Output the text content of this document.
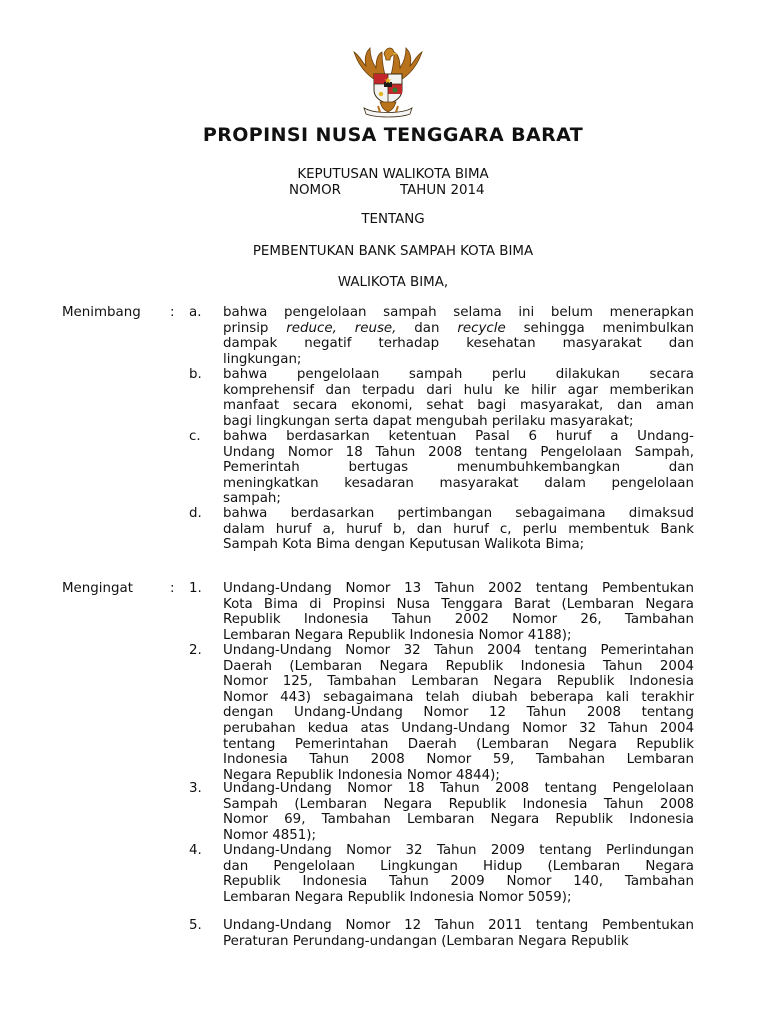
PROPINSI NUSA TENGGARA BARAT
KEPUTUSAN WALIKOTA BIMA
NOMOR	TAHUN 2014
TENTANG
PEMBENTUKAN BANK SAMPAH KOTA BIMA
WALIKOTA BIMA,
Menimbang : a. bahwa pengelolaan sampah selama ini belum menerapkan
prinsip reduce, reuse, dan recycle sehingga menimbulkan
dampak negatif terhadap kesehatan masyarakat dan
lingkungan;
b. bahwa pengelolaan sampah perlu dilakukan secara
komprehensif dan terpadu dari hulu ke hilir agar memberikan
manfaat secara ekonomi, sehat bagi masyarakat, dan aman
bagi lingkungan serta dapat mengubah perilaku masyarakat;
c. bahwa berdasarkan ketentuan Pasal 6 huruf a Undang-
Undang Nomor 18 Tahun 2008 tentang Pengelolaan Sampah,
Pemerintah bertugas menumbuhkembangkan dan
meningkatkan kesadaran masyarakat dalam pengelolaan
sampah;
d. bahwa berdasarkan pertimbangan sebagaimana dimaksud
dalam huruf a, huruf b, dan huruf c, perlu membentuk Bank
Sampah Kota Bima dengan Keputusan Walikota Bima;
Mengingat	: 1. Undang-Undang Nomor 13 Tahun 2002 tentang Pembentukan
Kota Bima di Propinsi Nusa Tenggara Barat (Lembaran Negara
Republik Indonesia Tahun 2002 Nomor 26, Tambahan
Lembaran Negara Republik Indonesia Nomor 4188);
2. Undang-Undang Nomor 32 Tahun 2004 tentang Pemerintahan
Daerah (Lembaran Negara Republik Indonesia Tahun 2004
Nomor 125, Tambahan Lembaran Negara Republik Indonesia
Nomor 443) sebagaimana telah diubah beberapa kali terakhir
dengan Undang-Undang Nomor 12 Tahun 2008 tentang
perubahan kedua atas Undang-Undang Nomor 32 Tahun 2004
tentang Pemerintahan Daerah (Lembaran Negara Republik
Indonesia Tahun 2008 Nomor 59, Tambahan Lembaran
Negara Republik Indonesia Nomor 4844);
3. Undang-Undang Nomor 18 Tahun 2008 tentang Pengelolaan
Sampah (Lembaran Negara Republik Indonesia Tahun 2008
Nomor 69, Tambahan Lembaran Negara Republik Indonesia
Nomor 4851);
4. Undang-Undang Nomor 32 Tahun 2009 tentang Perlindungan
dan Pengelolaan Lingkungan Hidup (Lembaran Negara
Republik Indonesia Tahun 2009 Nomor 140, Tambahan
Lembaran Negara Republik Indonesia Nomor 5059);
5. Undang-Undang Nomor 12 Tahun 2011 tentang Pembentukan
Peraturan Perundang-undangan (Lembaran Negara Republik
